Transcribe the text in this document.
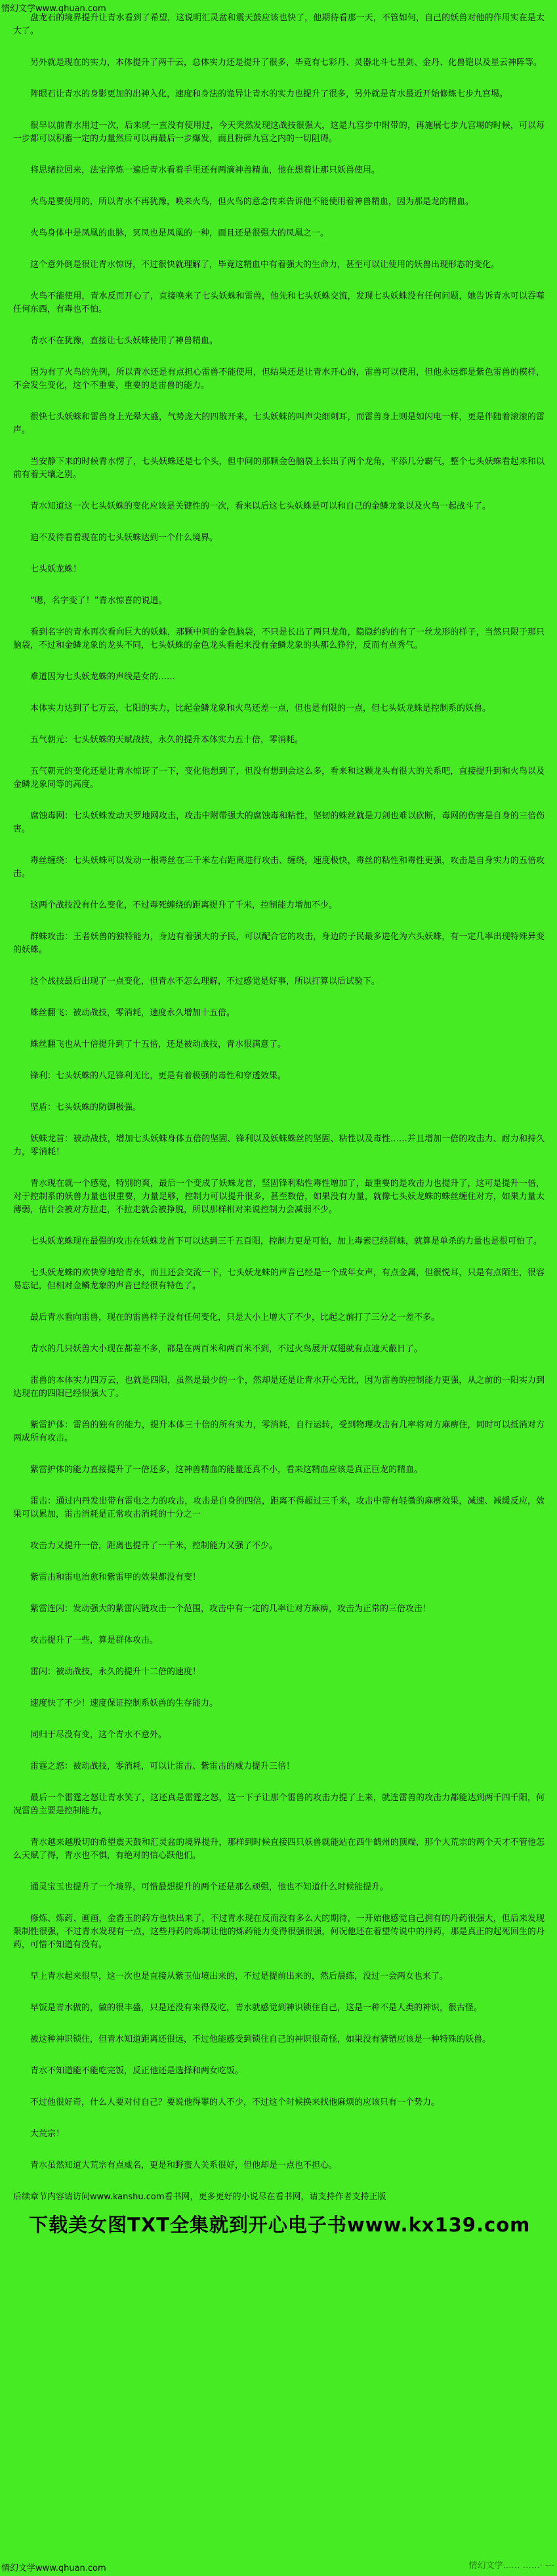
情幻文学www.qhuan.com

盘龙石的境界提升让青水看到了希望，这说明汇灵盆和震天鼓应该也快了，他期待看那一天，不管如何，自己的妖兽对他的作用实在是太大了。

另外就是现在的实力，本体提升了两千云，总体实力还是提升了很多，毕竟有七彩丹、灵器北斗七星剑、金丹、化兽铠以及星云神阵等。

阵眼石让青水的身影更加的出神入化，速度和身法的诡异让青水的实力也提升了很多，另外就是青水最近开始修炼七步九宫埸。

很早以前青水用过一次，后来就一直没有使用过，今天突然发现这战技很强大，这是九宫步中附带的，再施展七步九宫埸的时候，可以每一步都可以积蓄一定的力量然后可以再最后一步爆发，而且粉碎九宫之内的一切阻碍。

将思绪拉回来，法宝淬炼一遍后青水看着手里还有两滴神兽精血，他在想着让那只妖兽使用。

火鸟是要使用的，所以青水不再犹豫，唤来火鸟，但火鸟的意念传来告诉他不能使用着神兽精血，因为那是龙的精血。

火鸟身体中是凤凰的血脉，冥凤也是凤凰的一种，而且还是很强大的凤凰之一。

这个意外倒是很让青水惊讶，不过很快就理解了，毕竟这精血中有着强大的生命力，甚至可以让使用的妖兽出现形态的变化。

火鸟不能使用，青水反而开心了，直接唤来了七头妖蛛和雷兽，他先和七头妖蛛交流，发现七头妖蛛没有任何问题，她告诉青水可以吞噬任何东西，有毒也不怕。

青水不在犹豫，直接让七头妖蛛使用了神兽精血。

因为有了火鸟的先例，所以青水还是有点担心雷兽不能使用，但结果还是让青水开心的，雷兽可以使用，但他永远都是紫色雷兽的模样，不会发生变化，这个不重要，重要的是雷兽的能力。

很快七头妖蛛和雷兽身上光晕大盛，气势庞大的四散开来，七头妖蛛的叫声尖细刺耳，而雷兽身上则是如闪电一样，更是伴随着滚滚的雷声。

当安静下来的时候青水愣了，七头妖蛛还是七个头，但中间的那颗金色脑袋上长出了两个龙角，平添几分霸气，整个七头妖蛛看起来和以前有着天壤之别。

青水知道这一次七头妖蛛的变化应该是关键性的一次，看来以后这七头妖蛛是可以和自己的金鳞龙象以及火鸟一起战斗了。

迫不及待看看现在的七头妖蛛达到一个什么境界。

七头妖龙蛛！

“嗯，名字变了！”青水惊喜的说道。

看到名字的青水再次看向巨大的妖蛛，那颗中间的金色脑袋，不只是长出了两只龙角，隐隐约约的有了一丝龙形的样子，当然只限于那只脑袋，不过和金鳞龙象的龙头不同，七头妖蛛的金色龙头看起来没有金鳞龙象的头那么狰狞，反而有点秀气。

难道因为七头妖龙蛛的声线是女的……

本体实力达到了七万云，七阳的实力，比起金鳞龙象和火鸟还差一点，但也是有限的一点，但七头妖龙蛛是控制系的妖兽。

五气朝元：七头妖蛛的天赋战技，永久的提升本体实力五十倍，零消耗。

五气朝元的变化还是让青水惊讶了一下，变化他想到了，但没有想到会这么多，看来和这颗龙头有很大的关系吧，直接提升到和火鸟以及金鳞龙象同等的高度。

腐蚀毒网：七头妖蛛发动天罗地网攻击，攻击中附带强大的腐蚀毒和粘性，坚韧的蛛丝就是刀剑也难以砍断，毒网的伤害是自身的三倍伤害。

毒丝缠绕：七头妖蛛可以发动一根毒丝在三千米左右距离进行攻击、缠绕，速度极快，毒丝的粘性和毒性更强，攻击是自身实力的五倍攻击。

这两个战技没有什么变化，不过毒死缠绕的距离提升了千米，控制能力增加不少。

群蛛攻击：王者妖兽的独特能力，身边有着强大的子民，可以配合它的攻击，身边的子民最多进化为六头妖蛛，有一定几率出现特殊异变的妖蛛。

这个战技最后出现了一点变化，但青水不怎么理解，不过感觉是好事，所以打算以后试验下。

蛛丝翻飞：被动战技，零消耗，速度永久增加十五倍。

蛛丝翻飞也从十倍提升到了十五倍，还是被动战技，青水很满意了。

锋利：七头妖蛛的八足锋利无比，更是有着极强的毒性和穿透效果。

坚盾：七头妖蛛的防御极强。

妖蛛龙首：被动战技，增加七头妖蛛身体五倍的坚固、锋利以及妖蛛蛛丝的坚固、粘性以及毒性……并且增加一倍的攻击力、耐力和持久力，零消耗！

青水现在就一个感觉，特别的爽，最后一个变成了妖蛛龙首，坚固锋利粘性毒性增加了，最重要的是攻击力也提升了，这可是提升一倍，对于控制系的妖兽力量也很重要，力量足够，控制力可以提升很多，甚至数倍，如果没有力量，就像七头妖龙蛛的蛛丝缠住对方，如果力量太薄弱，估计会被对方拉走，不拉走就会被挣脱，所以那样相对来说控制力会减弱不少。

七头妖龙蛛现在最强的攻击在妖蛛龙首下可以达到三千五百阳，控制力更是可怕，加上毒素已经群蛛，就算是单杀的力量也是很可怕了。

七头妖龙蛛的欢快穿地给青水，而且还会交流一下，七头妖龙蛛的声音已经是一个成年女声，有点金属，但很悦耳，只是有点陌生，很容易忘记，但相对金鳞龙象的声音已经很有特色了。

最后青水看向雷兽，现在的雷兽样子没有任何变化，只是大小上增大了不少，比起之前打了三分之一差不多。

青水的几只妖兽大小现在都差不多，都是在两百米和两百米不到，不过火鸟展开双翅就有点遮天蔽日了。

雷兽的本体实力四万云，也就是四阳，虽然是最少的一个，然却是还是让青水开心无比，因为雷兽的控制能力更强，从之前的一阳实力到达现在的四阳已经很强大了。

紫雷护体：雷兽的独有的能力，提升本体三十倍的所有实力，零消耗，自行运转，受到物理攻击有几率将对方麻痹住，同时可以抵消对方两成所有攻击。

紫雷护体的能力直接提升了一倍还多，这神兽精血的能量还真不小，看来这精血应该是真正巨龙的精血。

雷击：通过内丹发出带有雷电之力的攻击，攻击是自身的四倍，距离不得超过三千米，攻击中带有轻微的麻痹效果，减速、减缓反应，效果可以累加，雷击消耗是正常攻击消耗的十分之一

攻击力又提升一倍，距离也提升了一千米，控制能力又强了不少。

紫雷击和雷电治愈和紫雷甲的效果都没有变！

紫雷连闪：发动强大的紫雷闪链攻击一个范围，攻击中有一定的几率让对方麻痹，攻击为正常的三倍攻击！

攻击提升了一些，算是群体攻击。

雷闪：被动战技，永久的提升十二倍的速度！

速度快了不少！速度保证控制系妖兽的生存能力。

同归于尽没有变，这个青水不意外。

雷霆之怒：被动战技，零消耗，可以让雷击、紫雷击的威力提升三倍！

最后一个雷霆之怒让青水笑了，这还真是雷霆之怒，这一下子让那个雷兽的攻击力提了上来，就连雷兽的攻击力都能达到两千四千阳，何况雷兽主要是控制能力。

青水越来越殷切的希望震天鼓和汇灵盆的境界提升，那样到时候直接四只妖兽就能站在西牛鹤州的顶端，那个大荒宗的两个天才不管他怎么天赋了得，青水也不惧，有绝对的信心跃他们。

通灵宝玉也提升了一个境界，可惜最想提升的两个还是那么顽强，他也不知道什么时候能提升。

修炼、炼药、画画，金香玉的药方也快出来了，不过青水现在反而没有多么大的期待，一开始他感觉自己拥有的丹药很强大，但后来发现限制性很强，不过青水发现有一点，这些丹药的炼制让他的炼药能力变得很强很强，何况他还在着望传说中的丹药，那是真正的起死回生的丹药，可惜不知道有没有。

早上青水起来很早，这一次也是直接从紫玉仙境出来的，不过是提前出来的，然后晨练，没过一会两女也来了。

早饭是青水做的，做的很丰盛，只是还没有来得及吃，青水就感觉到神识锁住自己，这是一种不是人类的神识，很古怪。

被这种神识锁住，但青水知道距离还很远，不过他能感受到锁住自己的神识很奇怪，如果没有猜错应该是一种特殊的妖兽。

青水不知道能不能吃完饭，反正他还是选择和两女吃饭。

不过他很好奇，什么人要对付自己？要说他得罪的人不少，不过这个时候换来找他麻烦的应该只有一个势力。

大荒宗！

青水虽然知道大荒宗有点威名，更是和野蛮人关系很好，但他却是一点也不担心。

后续章节内容请访问www.kanshu.com看书网，更多更好的小说尽在看书网，请支持作者支持正版

下载美女图TXT全集就到开心电子书www.kx139.com
情幻文学www.qhuan.com	情幻文学…… ……· ---
